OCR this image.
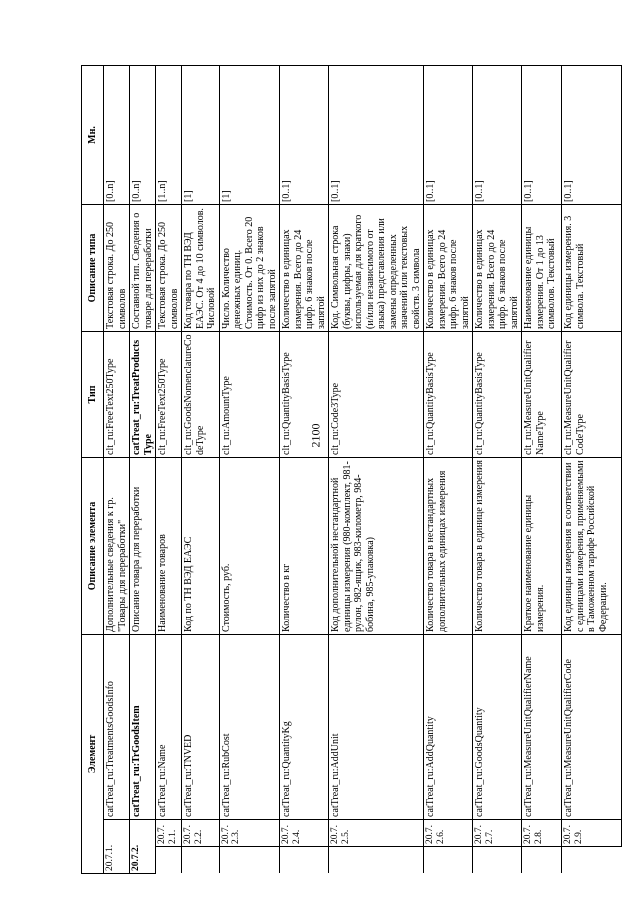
2100
Элемент			Описание элемента	Тип	Описание типа	Мн.
20.7.1.		catTreat_ru:TreatmentsGoodsInfo	Дополнительные сведения к гр. "Товары для переработки"	clt_ru:FreeText250Type	Текстовая строка. До 250 символов	[0..n]
20.7.2.		catTreat_ru:TrGoodsItem	Описание товара для переработки	catTreat_ru:TreatProductsType	Составной тип. Сведения о товаре для переработки	[0..n]
	20.7.2.1.	catTreat_ru:Name	Наименование товаров	clt_ru:FreeText250Type	Текстовая строка. До 250 символов	[1..n]
	20.7.2.2.	catTreat_ru:TNVED	Код по ТН ВЭД ЕАЭС	clt_ru:GoodsNomenclatureCodeType	Код товара по ТН ВЭД ЕАЭС. От 4 до 10 символов. Числовой	[1]
	20.7.2.3.	catTreat_ru:RubCost	Стоимость, руб.	clt_ru:AmountType	Число. Количество денежных единиц. Стоимость. От 0. Всего 20 цифр из них до 2 знаков после запятой	[1]
	20.7.2.4.	catTreat_ru:QuantityKg	Количество в кг	clt_ru:QuantityBasisType	Количество в единицах измерения. Всего до 24 цифр. 6 знаков после запятой	[0..1]
	20.7.2.5.	catTreat_ru:AddUnit	Код дополнительной нестандартной единицы измерения (980-комплект, 981-рулон, 982-ящик, 983-километр, 984-бобина, 985-упаковка)	clt_ru:Code3Type	Код. Символьная строка (буквы, цифры, знаки) используемая для краткого (и/или независимого от языка) представления или замены определенных значений или текстовых свойств. 3 символа	[0..1]
	20.7.2.6.	catTreat_ru:AddQuantity	Количество товара в нестандартных дополнительных единицах измерения	clt_ru:QuantityBasisType	Количество в единицах измерения. Всего до 24 цифр. 6 знаков после запятой	[0..1]
	20.7.2.7.	catTreat_ru:GoodsQuantity	Количество товара в единице измерения	clt_ru:QuantityBasisType	Количество в единицах измерения. Всего до 24 цифр. 6 знаков после запятой	[0..1]
	20.7.2.8.	catTreat_ru:MeasureUnitQualifierName	Краткое наименование единицы измерения.	clt_ru:MeasureUnitQualifierNameType	Наименование единицы измерения. От 1 до 13 символов. Текстовый	[0..1]
	20.7.2.9.	catTreat_ru:MeasureUnitQualifierCode	Код единицы измерения в соответствии с единицами измерения, применяемыми в Таможенном тарифе Российской Федерации.	clt_ru:MeasureUnitQualifierCodeType	Код единицы измерения. 3 символа. Текстовый	[0..1]
